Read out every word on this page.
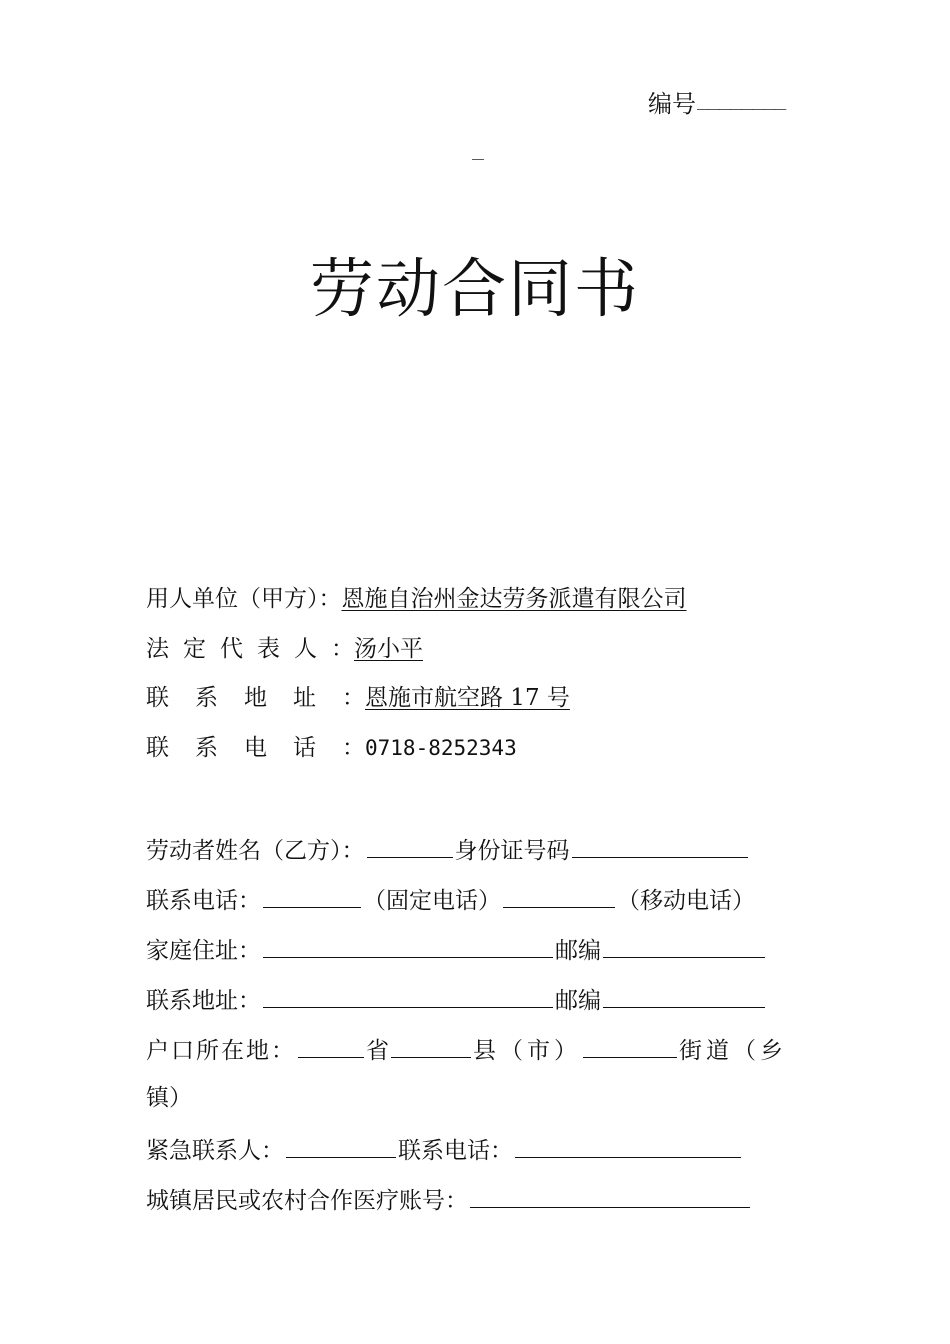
编号 ________
_
劳动合同书
用人单位（甲方）：恩施自治州金达劳务派遣有限公司
法定代表人：汤小平
联系地址：恩施市航空路 17 号
联系电话：0718-8252343
劳动者姓名（乙方）：	身份证号码
联系电话：	（固定电话）	（移动电话）
家庭住址：	邮编
联系地址：	邮编
户口所在地：	省	县（市）	街道（乡
镇）
紧急联系人：	联系电话：
城镇居民或农村合作医疗账号：
